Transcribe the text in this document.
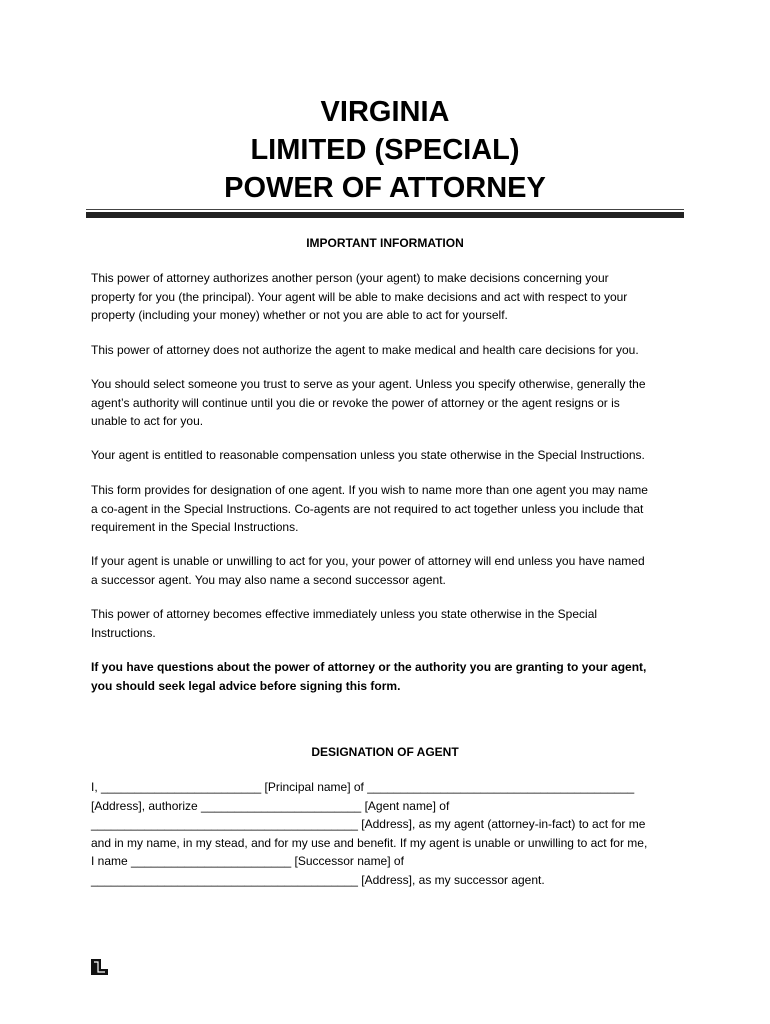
VIRGINIA
LIMITED (SPECIAL)
POWER OF ATTORNEY
IMPORTANT INFORMATION
This power of attorney authorizes another person (your agent) to make decisions concerning your
property for you (the principal). Your agent will be able to make decisions and act with respect to your
property (including your money) whether or not you are able to act for yourself.
This power of attorney does not authorize the agent to make medical and health care decisions for you.
You should select someone you trust to serve as your agent. Unless you specify otherwise, generally the
agent’s authority will continue until you die or revoke the power of attorney or the agent resigns or is
unable to act for you.
Your agent is entitled to reasonable compensation unless you state otherwise in the Special Instructions.
This form provides for designation of one agent. If you wish to name more than one agent you may name
a co-agent in the Special Instructions. Co-agents are not required to act together unless you include that
requirement in the Special Instructions.
If your agent is unable or unwilling to act for you, your power of attorney will end unless you have named
a successor agent. You may also name a second successor agent.
This power of attorney becomes effective immediately unless you state otherwise in the Special
Instructions.
If you have questions about the power of attorney or the authority you are granting to your agent,
you should seek legal advice before signing this form.
DESIGNATION OF AGENT
I, ________________________ [Principal name] of ________________________________________
[Address], authorize ________________________ [Agent name] of
________________________________________ [Address], as my agent (attorney-in-fact) to act for me
and in my name, in my stead, and for my use and benefit. If my agent is unable or unwilling to act for me,
I name ________________________ [Successor name] of
________________________________________ [Address], as my successor agent.
